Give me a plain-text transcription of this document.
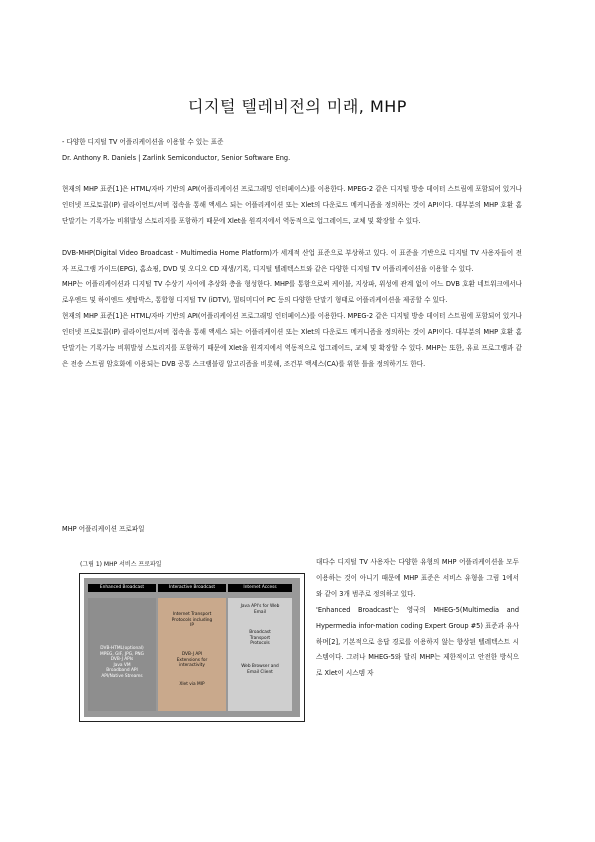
디지털 텔레비전의 미래, MHP
- 다양한 디지털 TV 어플리케이션을 이용할 수 있는 표준
Dr. Anthony R. Daniels | Zarlink Semiconductor, Senior Software Eng.

현재의 MHP 표준[1]은 HTML/자바 기반의 API(어플리케이션 프로그래밍 인터페이스)를 이용한다. MPEG-2 같은 디지털 방송 데이터 스트림에 포함되어 있거나 인터넷 프로토콜(IP) 클라이언트/서버 접속을 통해 액세스 되는 어플리케이션 또는 Xlet의 다운로드 메커니즘을 정의하는 것이 API이다. 대부분의 MHP 호환 홈 단말기는 기록가능 비휘발성 스토리지를 포함하기 때문에 Xlet을 원격지에서 역동적으로 업그레이드, 교체 및 확장할 수 있다.

DVB-MHP(Digital Video Broadcast - Multimedia Home Platform)가 세계적 산업 표준으로 부상하고 있다. 이 표준을 기반으로 디지털 TV 사용자들이 전자 프로그램 가이드(EPG), 홈쇼핑, DVD 및 오디오 CD 재생/기록, 디지털 텔레텍스트와 같은 다양한 디지털 TV 어플리케이션을 이용할 수 있다.

MHP는 어플리케이션과 디지털 TV 수상기 사이에 추상화 층을 형성한다. MHP를 통함으로써 케이블, 지상파, 위성에 관계 없이 어느 DVB 호환 네트워크에서나 로우엔드 및 하이엔드 셋탑박스, 통합형 디지털 TV (iDTV), 멀티미디어 PC 등의 다양한 단말기 형태로 어플리케이션을 제공할 수 있다.

현재의 MHP 표준[1]은 HTML/자바 기반의 API(어플리케이션 프로그래밍 인터페이스)를 이용한다. MPEG-2 같은 디지털 방송 데이터 스트림에 포함되어 있거나 인터넷 프로토콜(IP) 클라이언트/서버 접속을 통해 액세스 되는 어플리케이션 또는 Xlet의 다운로드 메커니즘을 정의하는 것이 API이다. 대부분의 MHP 호환 홈 단말기는 기록가능 비휘발성 스토리지를 포함하기 때문에 Xlet을 원격지에서 역동적으로 업그레이드, 교체 및 확장할 수 있다. MHP는 또한, 유료 프로그램과 같은 전송 스트림 암호화에 이용되는 DVB 공통 스크램블링 알고리즘을 비롯해, 조건부 액세스(CA)를 위한 틀을 정의하기도 한다.

MHP 어플리케이션 프로파일
(그림 1) MHP 서비스 프로파일
Enhanced Broadcast	Interactive Broadcast	Internet Access
DVB-HTML(optional)
MPEG, GIF, JPG, PNG
DVB-J APIs
Java VM
Broadband API
API/Native Streams
Internet Transport
Protocols including
IP
DVB-J API
Extensions for
interactivity
Xlet via MIP
Java API's for Web
Email
Broadcast
Transport
Protocols
Web Browser and
Email Client

대다수 디지털 TV 사용자는 다양한 유형의 MHP 어플리케이션을 모두 이용하는 것이 아니기 때문에 MHP 표준은 서비스 유형을 그림 1에서와 같이 3개 범주로 정의하고 있다.

'Enhanced Broadcast'는 영국의 MHEG-5(Multimedia and Hypermedia infor-mation coding Expert Group #5) 표준과 유사하며[2], 기본적으로 응답 경로를 이용하지 않는 향상된 텔레텍스트 시스템이다. 그러나 MHEG-5와 달리 MHP는 제한적이고 안전한 방식으로 Xlet이 시스템 자
